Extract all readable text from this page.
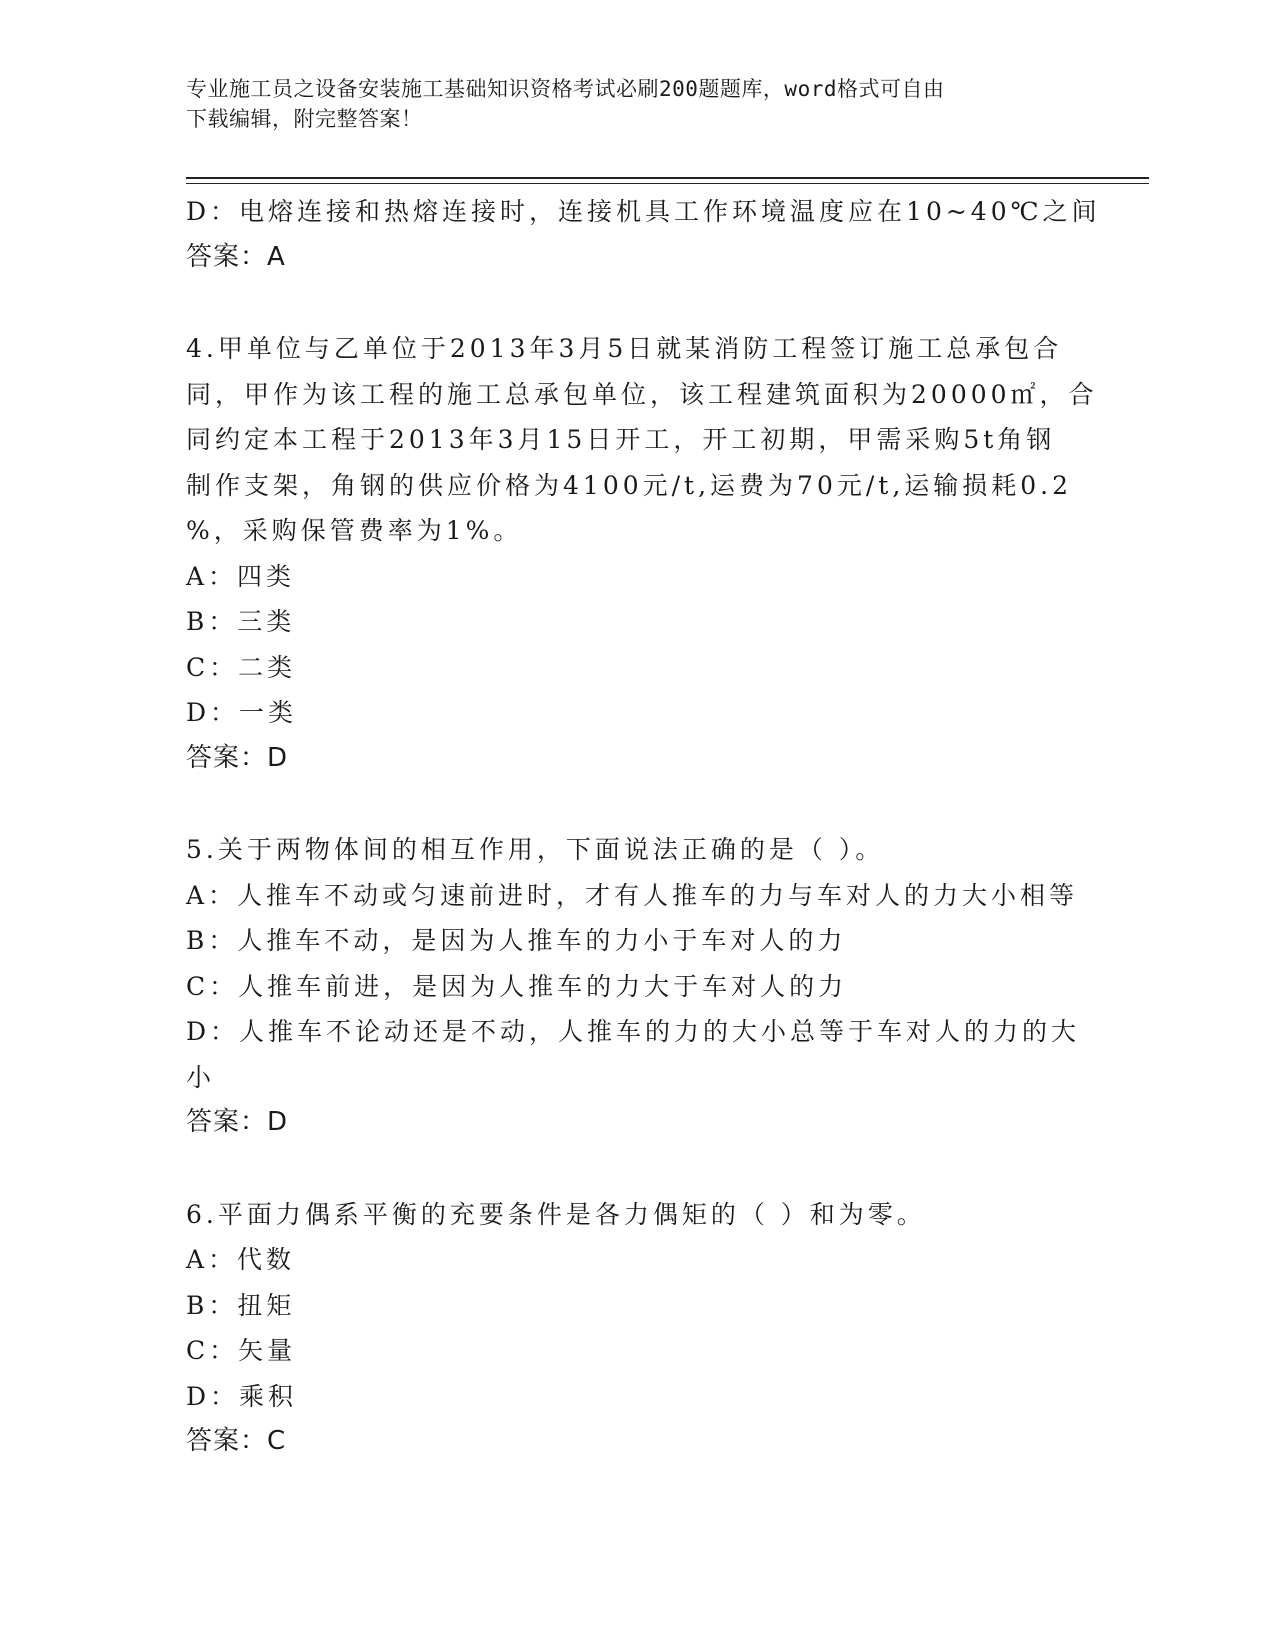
专业施工员之设备安装施工基础知识资格考试必刷200题题库，word格式可自由
下载编辑，附完整答案！
D：电熔连接和热熔连接时，连接机具工作环境温度应在10~40℃之间
答案：A
4.甲单位与乙单位于2013年3月5日就某消防工程签订施工总承包合
同，甲作为该工程的施工总承包单位，该工程建筑面积为20000㎡，合
同约定本工程于2013年3月15日开工，开工初期，甲需采购5t角钢
制作支架，角钢的供应价格为4100元/t,运费为70元/t,运输损耗0.2
%，采购保管费率为1%。
A：四类
B：三类
C：二类
D：一类
答案：D
5.关于两物体间的相互作用，下面说法正确的是（ ）。
A：人推车不动或匀速前进时，才有人推车的力与车对人的力大小相等
B：人推车不动，是因为人推车的力小于车对人的力
C：人推车前进，是因为人推车的力大于车对人的力
D：人推车不论动还是不动，人推车的力的大小总等于车对人的力的大
小
答案：D
6.平面力偶系平衡的充要条件是各力偶矩的（ ）和为零。
A：代数
B：扭矩
C：矢量
D：乘积
答案：C
